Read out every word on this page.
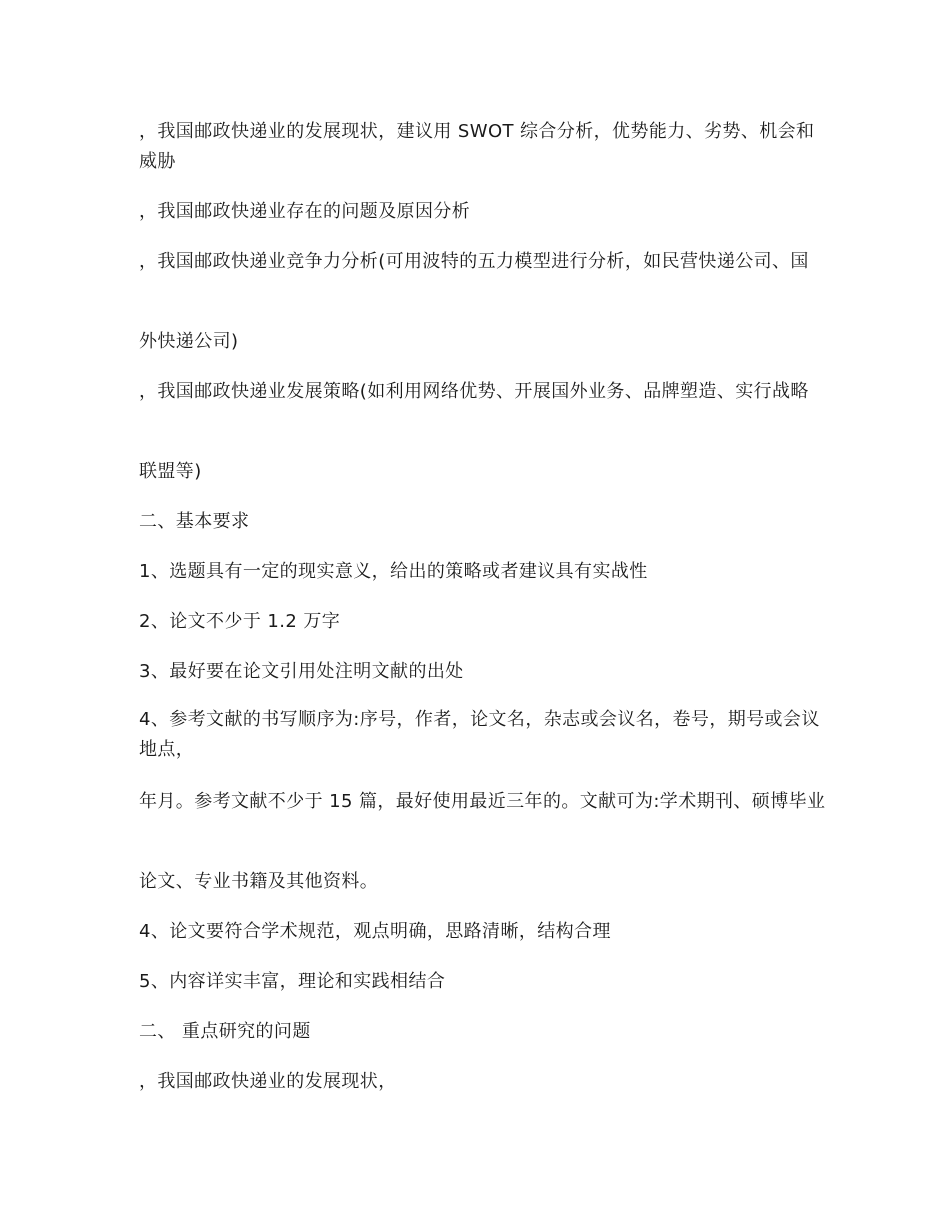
，我国邮政快递业的发展现状，建议用 SWOT 综合分析，优势能力、劣势、机会和威胁

，我国邮政快递业存在的问题及原因分析

，我国邮政快递业竞争力分析(可用波特的五力模型进行分析，如民营快递公司、国

外快递公司)

，我国邮政快递业发展策略(如利用网络优势、开展国外业务、品牌塑造、实行战略

联盟等)

二、基本要求

1、选题具有一定的现实意义，给出的策略或者建议具有实战性

2、论文不少于 1.2 万字

3、最好要在论文引用处注明文献的出处

4、参考文献的书写顺序为:序号，作者，论文名，杂志或会议名，卷号，期号或会议地点，

年月。参考文献不少于 15 篇，最好使用最近三年的。文献可为:学术期刊、硕博毕业

论文、专业书籍及其他资料。

4、论文要符合学术规范，观点明确，思路清晰，结构合理

5、内容详实丰富，理论和实践相结合

二、 重点研究的问题

，我国邮政快递业的发展现状，
